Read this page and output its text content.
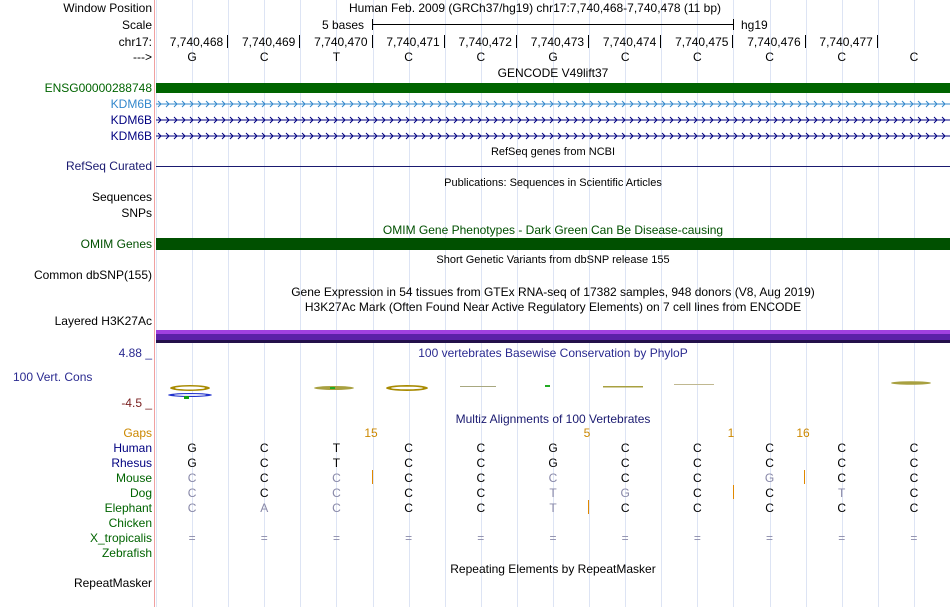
Window Position	Human Feb. 2009 (GRCh37/hg19) chr17:7,740,468-7,740,478 (11 bp)
Scale	5 bases	hg19
chr17: 7,740,468 7,740,469 7,740,470 7,740,471 7,740,472 7,740,473 7,740,474 7,740,475 7,740,476 7,740,477
--->	G	C	T	C	C	G	C	C	C	C	C
GENCODE V49lift37
ENSG00000288748
KDM6B
KDM6B
KDM6B
RefSeq genes from NCBI
RefSeq Curated
Publications: Sequences in Scientific Articles
Sequences
SNPs
OMIM Gene Phenotypes - Dark Green Can Be Disease-causing
OMIM Genes
Short Genetic Variants from dbSNP release 155
Common dbSNP(155)
Gene Expression in 54 tissues from GTEx RNA-seq of 17382 samples, 948 donors (V8, Aug 2019)
H3K27Ac Mark (Often Found Near Active Regulatory Elements) on 7 cell lines from ENCODE
Layered H3K27Ac
100 vertebrates Basewise Conservation by PhyloP
4.88 _
100 Vert. Cons
-4.5 _
Multiz Alignments of 100 Vertebrates
Gaps	15	5	1	16
Human	G	C	T	C	C	G	C	C	C	C	C
Rhesus	G	C	T	C	C	G	C	C	C	C	C
Mouse	C	C	C	C	C	C	C	C	G	C	C
Dog	C	C	C	C	C	T	G	C	C	T	C
Elephant	C	A	C	C	C	T	C	C	C	C	C
Chicken
X_tropicalis	=	=	=	=	=	=	=	=	=	=	=
Zebrafish
Repeating Elements by RepeatMasker
RepeatMasker
